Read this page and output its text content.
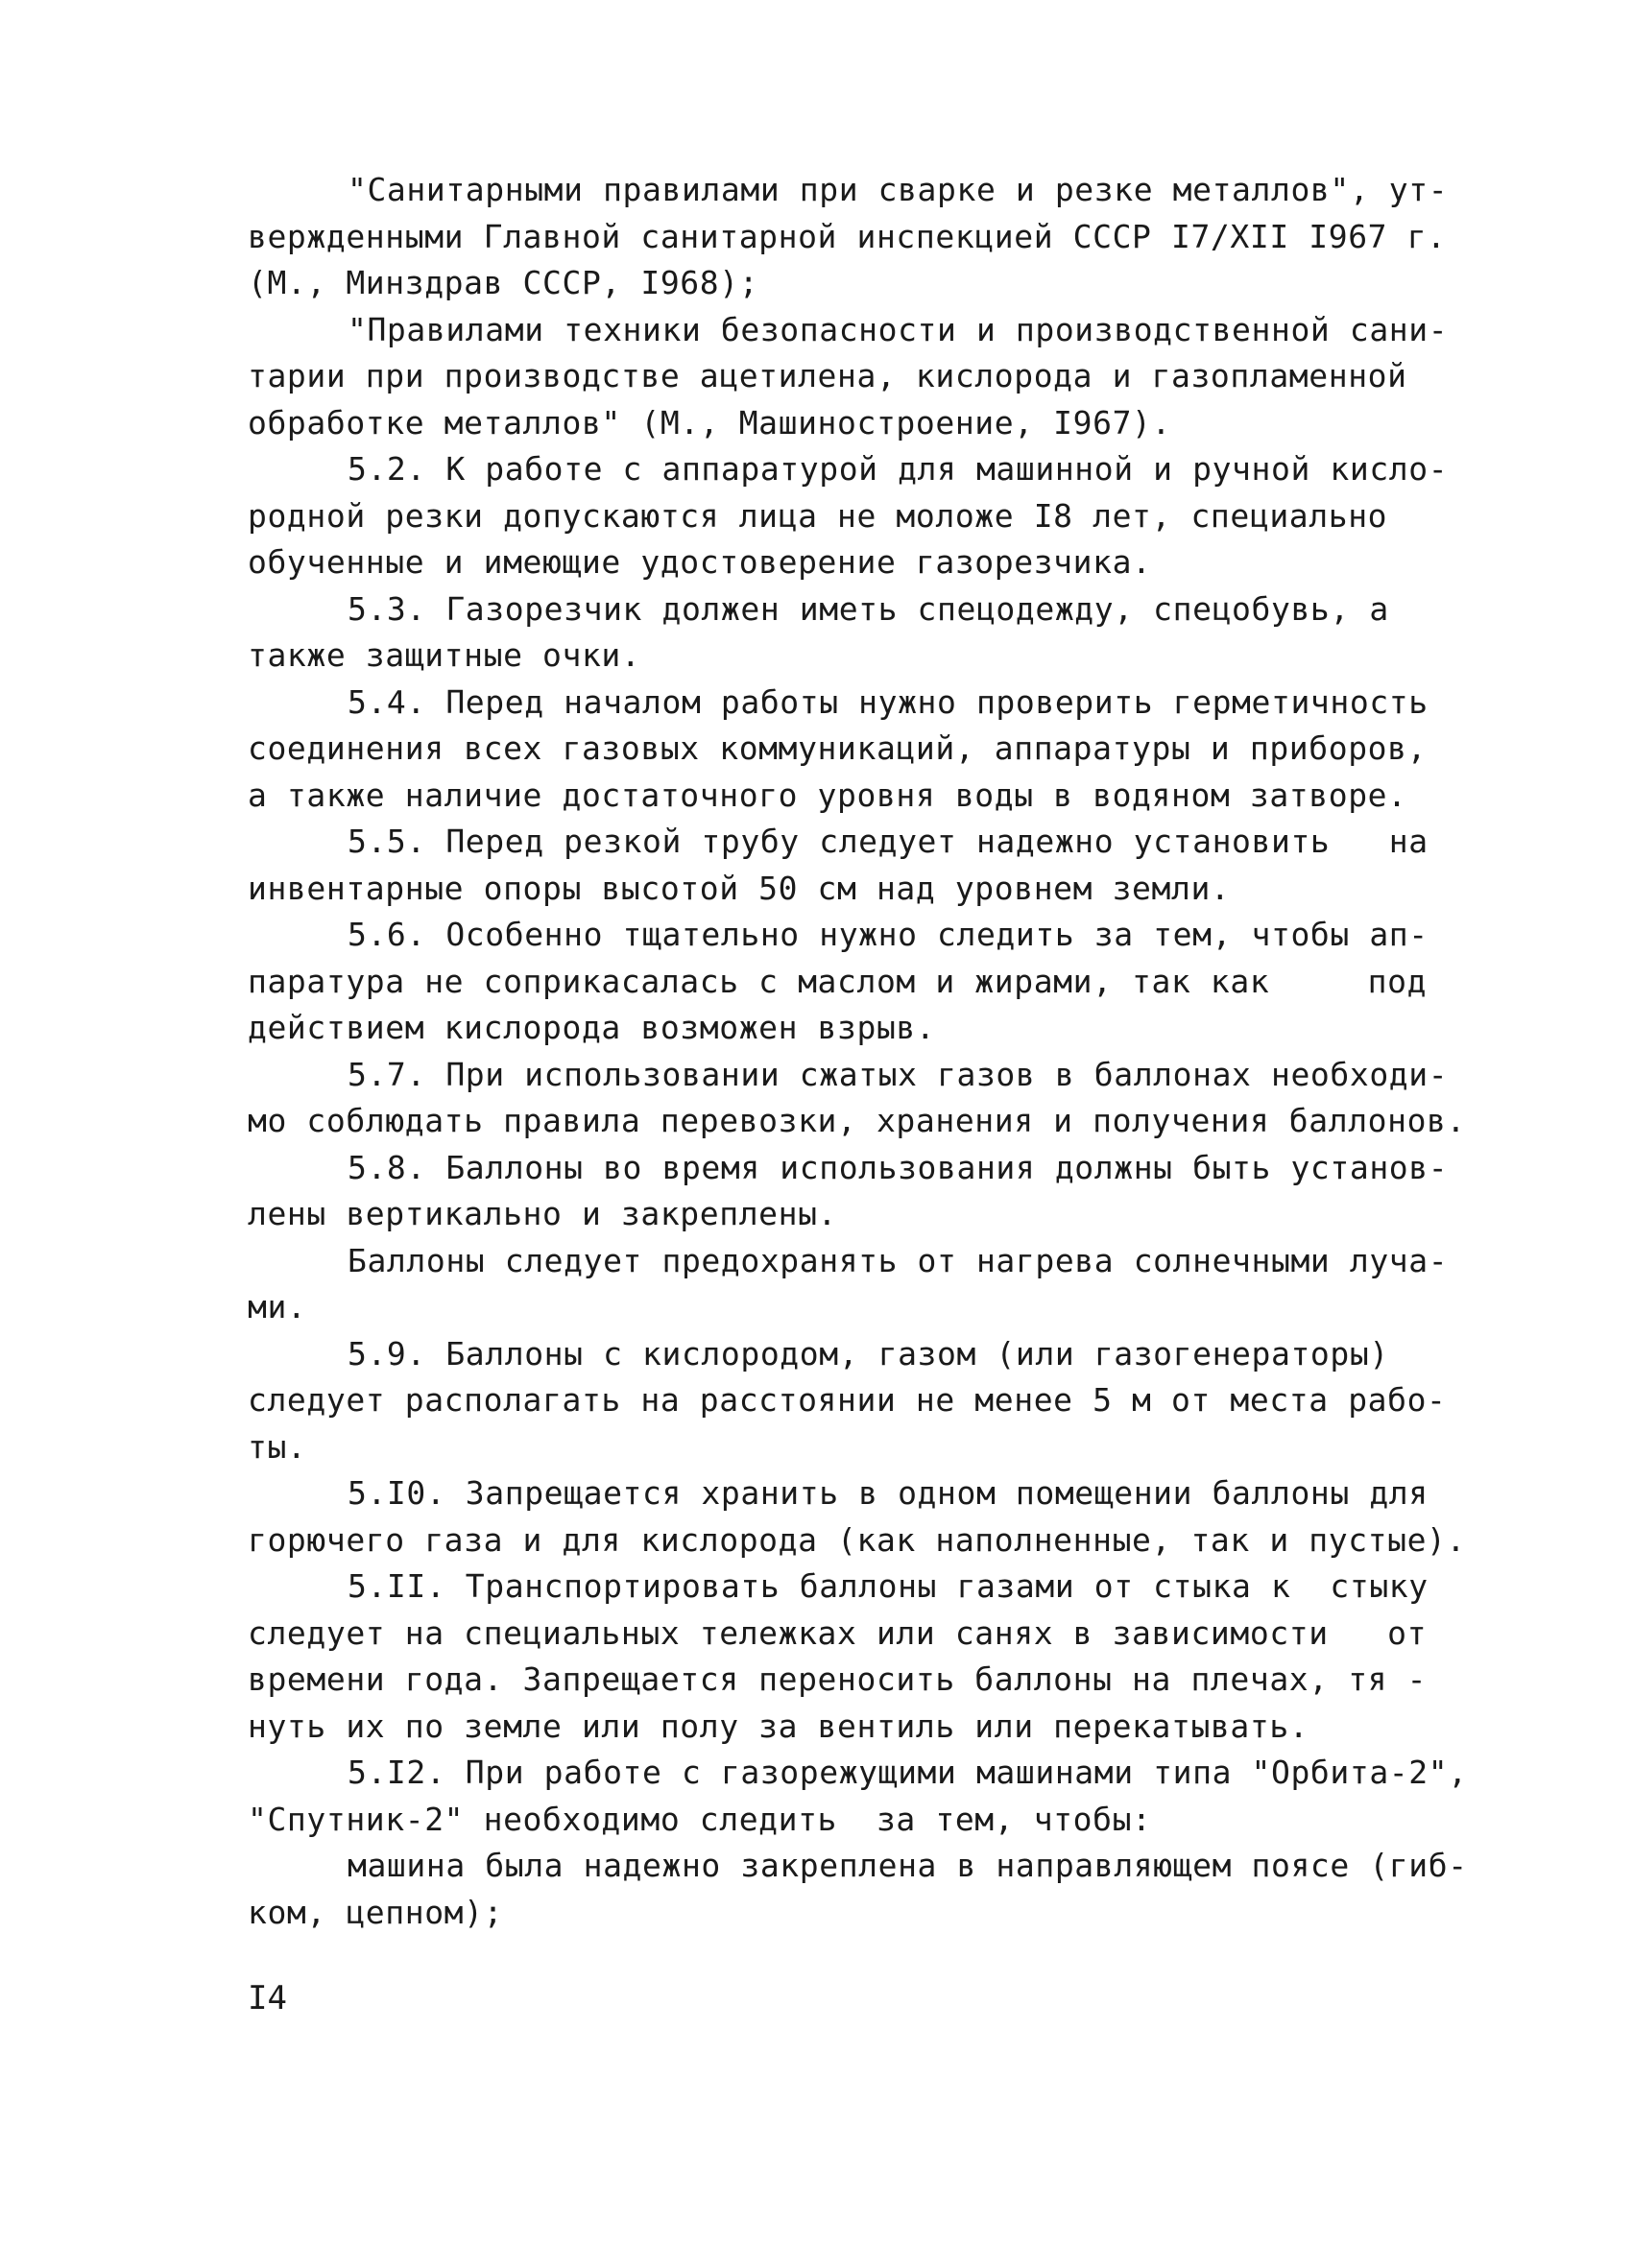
"Санитарными правилами при сварке и резке металлов", ут-
вержденными Главной санитарной инспекцией СССР I7/XII I967 г.
(М., Минздрав СССР, I968);
"Правилами техники безопасности и производственной сани-
тарии при производстве ацетилена, кислорода и газопламенной
обработке металлов" (М., Машиностроение, I967).
5.2. К работе с аппаратурой для машинной и ручной кисло-
родной резки допускаются лица не моложе I8 лет, специально
обученные и имеющие удостоверение газорезчика.
5.3. Газорезчик должен иметь спецодежду, спецобувь, а
также защитные очки.
5.4. Перед началом работы нужно проверить герметичность
соединения всех газовых коммуникаций, аппаратуры и приборов,
а также наличие достаточного уровня воды в водяном затворе.
5.5. Перед резкой трубу следует надежно установить   на
инвентарные опоры высотой 50 см над уровнем земли.
5.6. Особенно тщательно нужно следить за тем, чтобы ап-
паратура не соприкасалась с маслом и жирами, так как     под
действием кислорода возможен взрыв.
5.7. При использовании сжатых газов в баллонах необходи-
мо соблюдать правила перевозки, хранения и получения баллонов.
5.8. Баллоны во время использования должны быть установ-
лены вертикально и закреплены.
Баллоны следует предохранять от нагрева солнечными луча-
ми.
5.9. Баллоны с кислородом, газом (или газогенераторы)
следует располагать на расстоянии не менее 5 м от места рабо-
ты.
5.I0. Запрещается хранить в одном помещении баллоны для
горючего газа и для кислорода (как наполненные, так и пустые).
5.II. Транспортировать баллоны газами от стыка к  стыку
следует на специальных тележках или санях в зависимости   от
времени года. Запрещается переносить баллоны на плечах, тя -
нуть их по земле или полу за вентиль или перекатывать.
5.I2. При работе с газорежущими машинами типа "Орбита-2",
"Спутник-2" необходимо следить  за тем, чтобы:
машина была надежно закреплена в направляющем поясе (гиб-
ком, цепном);
I4
